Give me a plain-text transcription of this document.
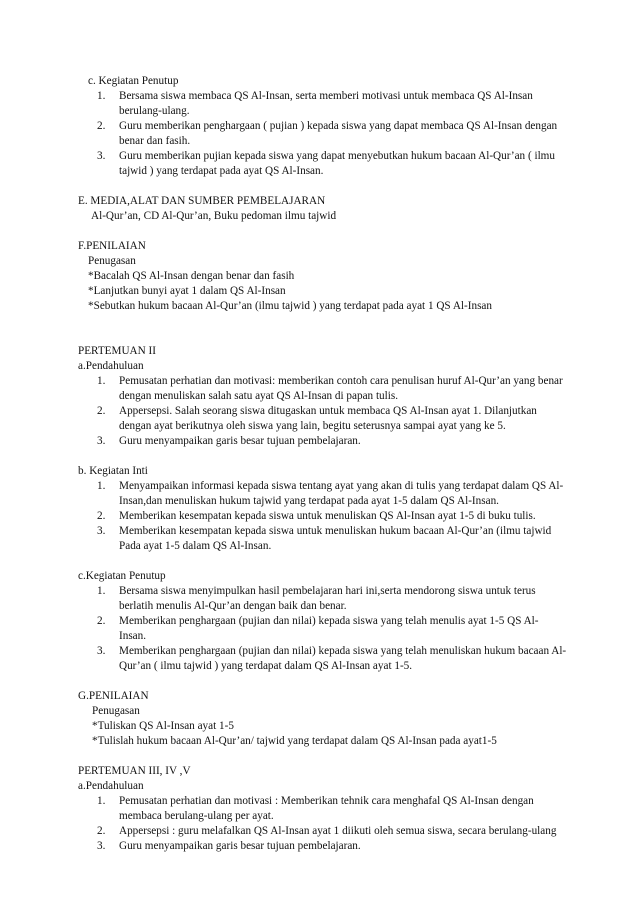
c. Kegiatan Penutup
1. Bersama siswa membaca QS Al-Insan, serta memberi motivasi untuk membaca QS Al-Insan berulang-ulang.
2. Guru memberikan penghargaan ( pujian ) kepada siswa yang dapat membaca QS Al-Insan dengan benar dan fasih.
3. Guru memberikan pujian kepada siswa yang dapat menyebutkan hukum bacaan Al-Qur’an ( ilmu tajwid ) yang terdapat pada ayat QS Al-Insan.
E. MEDIA,ALAT DAN SUMBER PEMBELAJARAN
Al-Qur’an, CD Al-Qur’an, Buku pedoman ilmu tajwid
F.PENILAIAN
Penugasan
*Bacalah QS Al-Insan dengan benar dan fasih
*Lanjutkan bunyi ayat 1 dalam QS Al-Insan
*Sebutkan hukum bacaan Al-Qur’an (ilmu tajwid ) yang terdapat pada ayat 1 QS Al-Insan
PERTEMUAN II
a.Pendahuluan
1. Pemusatan perhatian dan motivasi: memberikan contoh cara penulisan huruf Al-Qur’an yang benar dengan menuliskan salah satu ayat QS Al-Insan di papan tulis.
2. Appersepsi. Salah seorang siswa ditugaskan untuk membaca QS Al-Insan ayat 1. Dilanjutkan dengan ayat berikutnya oleh siswa yang lain, begitu seterusnya sampai ayat yang ke 5.
3. Guru menyampaikan garis besar tujuan pembelajaran.
b. Kegiatan Inti
1. Menyampaikan informasi kepada siswa tentang ayat yang akan di tulis yang terdapat dalam QS Al-Insan,dan menuliskan hukum tajwid yang terdapat pada ayat 1-5 dalam QS Al-Insan.
2. Memberikan kesempatan kepada siswa untuk menuliskan QS Al-Insan ayat 1-5 di buku tulis.
3. Memberikan kesempatan kepada siswa untuk menuliskan hukum bacaan Al-Qur’an (ilmu tajwid Pada ayat 1-5 dalam QS Al-Insan.
c.Kegiatan Penutup
1. Bersama siswa menyimpulkan hasil pembelajaran hari ini,serta mendorong siswa untuk terus berlatih menulis Al-Qur’an dengan baik dan benar.
2. Memberikan penghargaan (pujian dan nilai) kepada siswa yang telah menulis ayat 1-5 QS Al- Insan.
3. Memberikan penghargaan (pujian dan nilai) kepada siswa yang telah menuliskan hukum bacaan Al-Qur’an ( ilmu tajwid ) yang terdapat dalam QS Al-Insan ayat 1-5.
G.PENILAIAN
Penugasan
*Tuliskan QS Al-Insan ayat 1-5
*Tulislah hukum bacaan Al-Qur’an/ tajwid yang terdapat dalam QS Al-Insan pada ayat1-5
PERTEMUAN III, IV ,V
a.Pendahuluan
1. Pemusatan perhatian dan motivasi : Memberikan tehnik cara menghafal QS Al-Insan dengan membaca berulang-ulang per ayat.
2. Appersepsi : guru melafalkan QS Al-Insan ayat 1 diikuti oleh semua siswa, secara berulang-ulang
3. Guru menyampaikan garis besar tujuan pembelajaran.
